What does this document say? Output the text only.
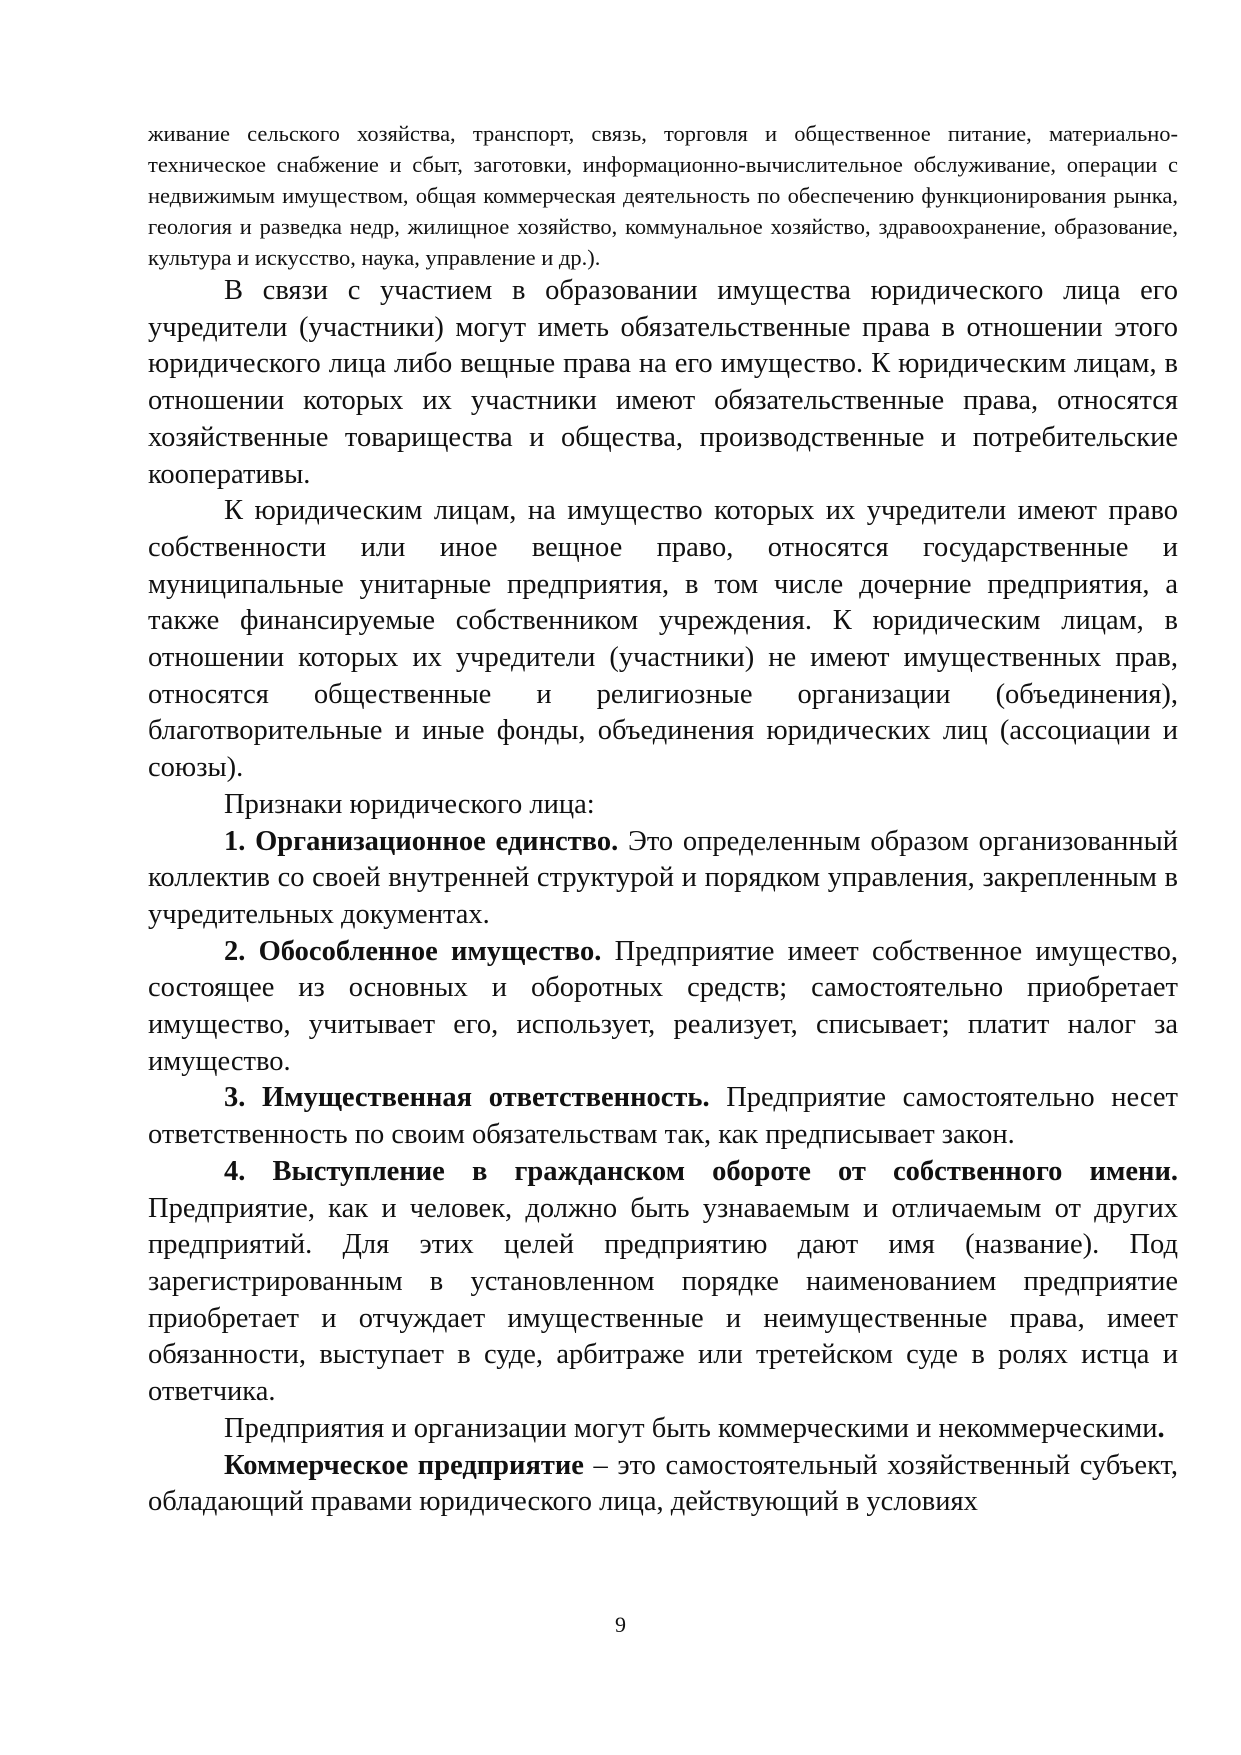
живание сельского хозяйства, транспорт, связь, торговля и общественное питание, материально-техническое снабжение и сбыт, заготовки, информационно-вычислительное обслуживание, операции с недвижимым имуществом, общая коммерческая деятельность по обеспечению функционирования рынка, геология и разведка недр, жилищное хозяйство, коммунальное хозяйство, здравоохранение, образование, культура и искусство, наука, управление и др.).

В связи с участием в образовании имущества юридического лица его учредители (участники) могут иметь обязательственные права в отношении этого юридического лица либо вещные права на его имущество. К юридическим лицам, в отношении которых их участники имеют обязательственные права, относятся хозяйственные товарищества и общества, производственные и потребительские кооперативы.

К юридическим лицам, на имущество которых их учредители имеют право собственности или иное вещное право, относятся государственные и муниципальные унитарные предприятия, в том числе дочерние предприятия, а также финансируемые собственником учреждения. К юридическим лицам, в отношении которых их учредители (участники) не имеют имущественных прав, относятся общественные и религиозные организации (объединения), благотворительные и иные фонды, объединения юридических лиц (ассоциации и союзы).

Признаки юридического лица:

1. Организационное единство. Это определенным образом организованный коллектив со своей внутренней структурой и порядком управления, закрепленным в учредительных документах.

2. Обособленное имущество. Предприятие имеет собственное имущество, состоящее из основных и оборотных средств; самостоятельно приобретает имущество, учитывает его, использует, реализует, списывает; платит налог за имущество.

3. Имущественная ответственность. Предприятие самостоятельно несет ответственность по своим обязательствам так, как предписывает закон.

4. Выступление в гражданском обороте от собственного имени. Предприятие, как и человек, должно быть узнаваемым и отличаемым от других предприятий. Для этих целей предприятию дают имя (название). Под зарегистрированным в установленном порядке наименованием предприятие приобретает и отчуждает имущественные и неимущественные права, имеет обязанности, выступает в суде, арбитраже или третейском суде в ролях истца и ответчика.

Предприятия и организации могут быть коммерческими и некоммерческими.

Коммерческое предприятие – это самостоятельный хозяйственный субъект, обладающий правами юридического лица, действующий в условиях

9
